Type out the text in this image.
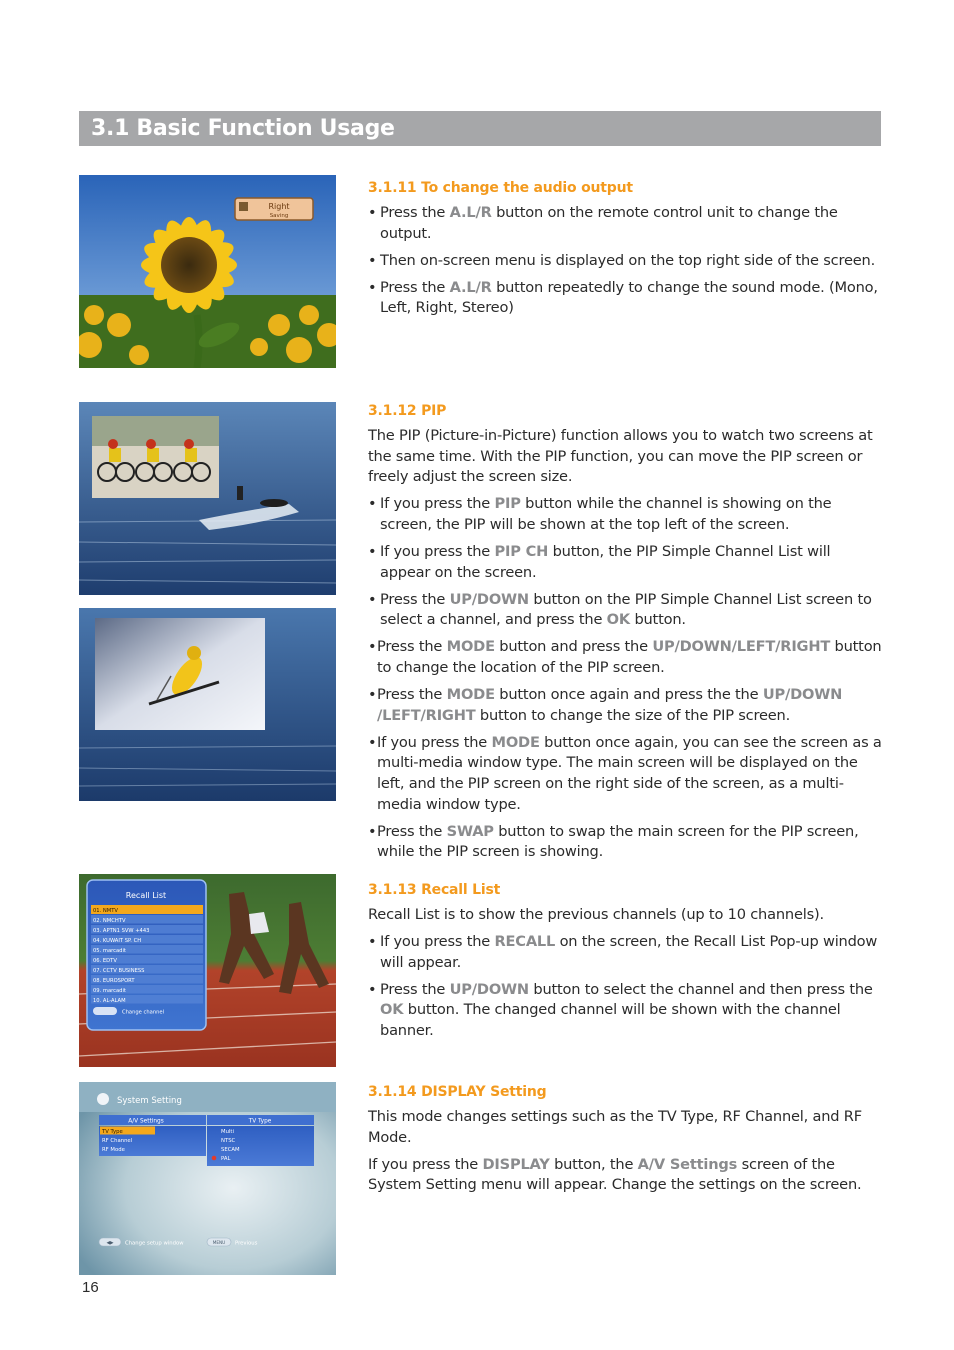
3.1 Basic Function Usage
Right
Saving
Recall List
01. NMTV
02. NMCHTV
03. APTN1 SVW +443
04. KUWAIT SP. CH
05. marcadit
06. EDTV
07. CCTV BUSINESS
08. EUROSPORT
09. marcadit
10. AL-ALAM
Change channel
System Setting
A/V Settings
TV Type
RF Channel
RF Mode
TV Type
Multi
NTSC
SECAM
PAL
◀▶ Change setup window	MENU Previous
3.1.11 To change the audio output
• Press the A.L/R button on the remote control unit to change the output.
• Then on-screen menu is displayed on the top right side of the screen.
• Press the A.L/R button repeatedly to change the sound mode. (Mono, Left, Right, Stereo)
3.1.12 PIP
The PIP (Picture-in-Picture) function allows you to watch two screens at the same time. With the PIP function, you can move the PIP screen or freely adjust the screen size.
• If you press the PIP button while the channel is showing on the screen, the PIP will be shown at the top left of the screen.
• If you press the PIP CH button, the PIP Simple Channel List will appear on the screen.
• Press the UP/DOWN button on the PIP Simple Channel List screen to select a channel, and press the OK button.
• Press the MODE button and press the UP/DOWN/LEFT/RIGHT button to change the location of the PIP screen.
• Press the MODE button once again and press the the UP/DOWN /LEFT/RIGHT button to change the size of the PIP screen.
• If you press the MODE button once again, you can see the screen as a multi-media window type. The main screen will be displayed on the left, and the PIP screen on the right side of the screen, as a multi-media window type.
• Press the SWAP button to swap the main screen for the PIP screen, while the PIP screen is showing.
3.1.13 Recall List
Recall List is to show the previous channels (up to 10 channels).
• If you press the RECALL on the screen, the Recall List Pop-up window will appear.
• Press the UP/DOWN button to select the channel and then press the OK button. The changed channel will be shown with the channel banner.
3.1.14 DISPLAY Setting
This mode changes settings such as the TV Type, RF Channel, and RF Mode.
If you press the DISPLAY button, the A/V Settings screen of the System Setting menu will appear. Change the settings on the screen.
16
